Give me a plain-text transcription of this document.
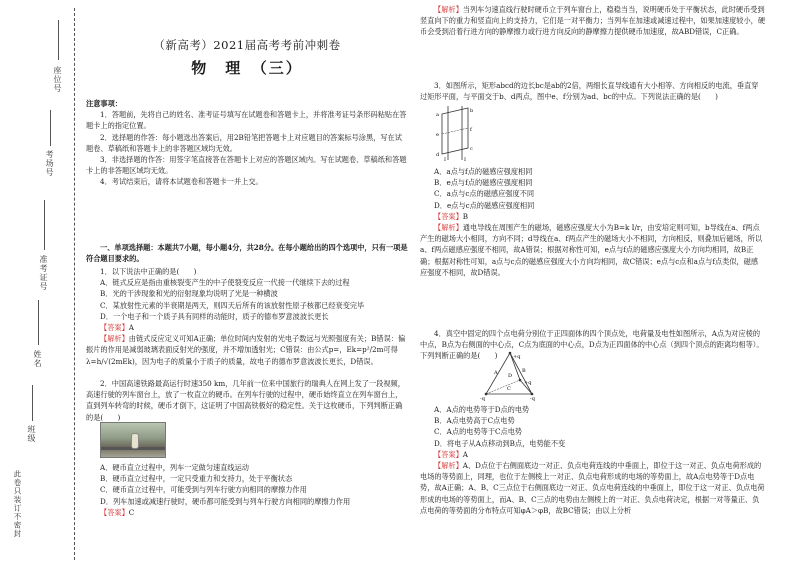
座位号
考场号
准考证号
姓名
班级
此卷只装订不密封
（新高考）2021届高考考前冲刺卷
物　理　（三）

注意事项：

1．答题前，先将自己的姓名、准考证号填写在试题卷和答题卡上，并将准考证号条形码粘贴在答题卡上的指定位置。

2．选择题的作答：每小题选出答案后，用2B铅笔把答题卡上对应题目的答案标号涂黑，写在试题卷、草稿纸和答题卡上的非答题区域均无效。

3．非选择题的作答：用签字笔直接答在答题卡上对应的答题区域内。写在试题卷、草稿纸和答题卡上的非答题区域均无效。

4．考试结束后，请将本试题卷和答题卡一并上交。

一、单项选择题：本题共7小题，每小题4分，共28分。在每小题给出的四个选项中，只有一项是符合题目要求的。

1．以下说法中正确的是(　　)

A．链式反应是指由重核裂变产生的中子使裂变反应一代接一代继续下去的过程

B．光的干涉现象和光的衍射现象均说明了光是一种横波

C．某放射性元素的半衰期是两天，则四天后所有的该放射性原子核都已经衰变完毕

D．一个电子和一个质子具有同样的动能时，质子的德布罗意波波长更长

【答案】A

【解析】由链式反应定义可知A正确；单位时间内发射的光电子数远与光照强度有关；B错误：偏振片的作用是减弱玻璃表面反射光的强度，并不增加透射光；C错误：由公式p=，Ek=p²/2m可得λ=h/√(2mEk)，因为电子的质量小于质子的质量，故电子的德布罗意波波长更长，D错误。

2．中国高速铁路最高运行时速350 km，几年前一位来中国旅行的瑞典人在网上发了一段视频，高速行驶的列车窗台上，放了一枚直立的硬币。在列车行驶的过程中，硬币始终直立在列车窗台上，直到列车转弯的时候，硬币才倒下，这证明了中国高铁极好的稳定性。关于这枚硬币，下列判断正确的是(　　)

A．硬币直立过程中，列车一定做匀速直线运动

B．硬币直立过程中，一定只受重力和支持力，处于平衡状态

C．硬币直立过程中，可能受到与列车行驶方向相同的摩擦力作用

D．列车加速或减速行驶时，硬币都可能受到与列车行驶方向相同的摩擦力作用

【答案】C

【解析】当列车匀速直线行驶时硬币立于列车窗台上，稳稳当当，说明硬币处于平衡状态，此时硬币受到竖直向下的重力和竖直向上的支持力，它们是一对平衡力；当列车在加速或减速过程中，如果加速度较小，硬币会受到沿着行进方向的静摩擦力或行进方向反向的静摩擦力提供硬币加速度，故ABD错误，C正确。

3．如图所示，矩形abcd的边长bc是ab的2倍，两细长直导线通有大小相等、方向相反的电流，垂直穿过矩形平面，与平面交于b、d两点，图中e、f分别为ad、bc的中点。下列说法正确的是(　　)

a
b
c
d
e
f
I	I

A．a点与f点的磁感应强度相同

B．e点与f点的磁感应强度相同

C．a点与c点的磁感应强度不同

D．e点与c点的磁感应强度相同

【答案】B

【解析】通电导线在周围产生的磁场，磁感应强度大小为B=k I/r，由安培定则可知，b导线在a、f两点产生的磁场大小相同，方向不同；d导线在a、f两点产生的磁场大小不相同，方向相反，则叠加后磁场，所以a、f两点磁感应强度不相同，故A错误；根据对称性可知，e点与f点的磁感应强度大小方向均相同，故B正确；根据对称性可知，a点与c点的磁感应强度大小方向均相同，故C错误；e点与c点和a点与f点类似，磁感应强度不相同，故D错误。

4．真空中固定的四个点电荷分别位于正四面体的四个顶点处，电荷量及电性如图所示，A点为对应棱的中点，B点为右侧面的中心点，C点为底面的中心点，D点为正四面体的中心点（到四个顶点的距离均相等）。下列判断正确的是(　　)

A	B
C
D
+q
+q
-q	-q

A．A点的电势等于D点的电势

B．A点电势高于C点电势

C．A点的电势等于C点电势

D．将电子从A点移动到B点，电势能不变

【答案】A

【解析】A、D点位于右侧面底边一对正、负点电荷连线的中垂面上，即位于这一对正、负点电荷形成的电场的等势面上，同理，也位于左侧棱上一对正、负点电荷形成的电场的等势面上，故A点电势等于D点电势，故A正确；A、B、C三点位于右侧面底边一对正、负点电荷连线的中垂面上，即位于这一对正、负点电荷形成的电场的等势面上，而A、B、C三点的电势由左侧棱上的一对正、负点电荷决定，根据一对等量正、负点电荷的等势面的分布特点可知φA＞φB，故BC错误；由以上分析
